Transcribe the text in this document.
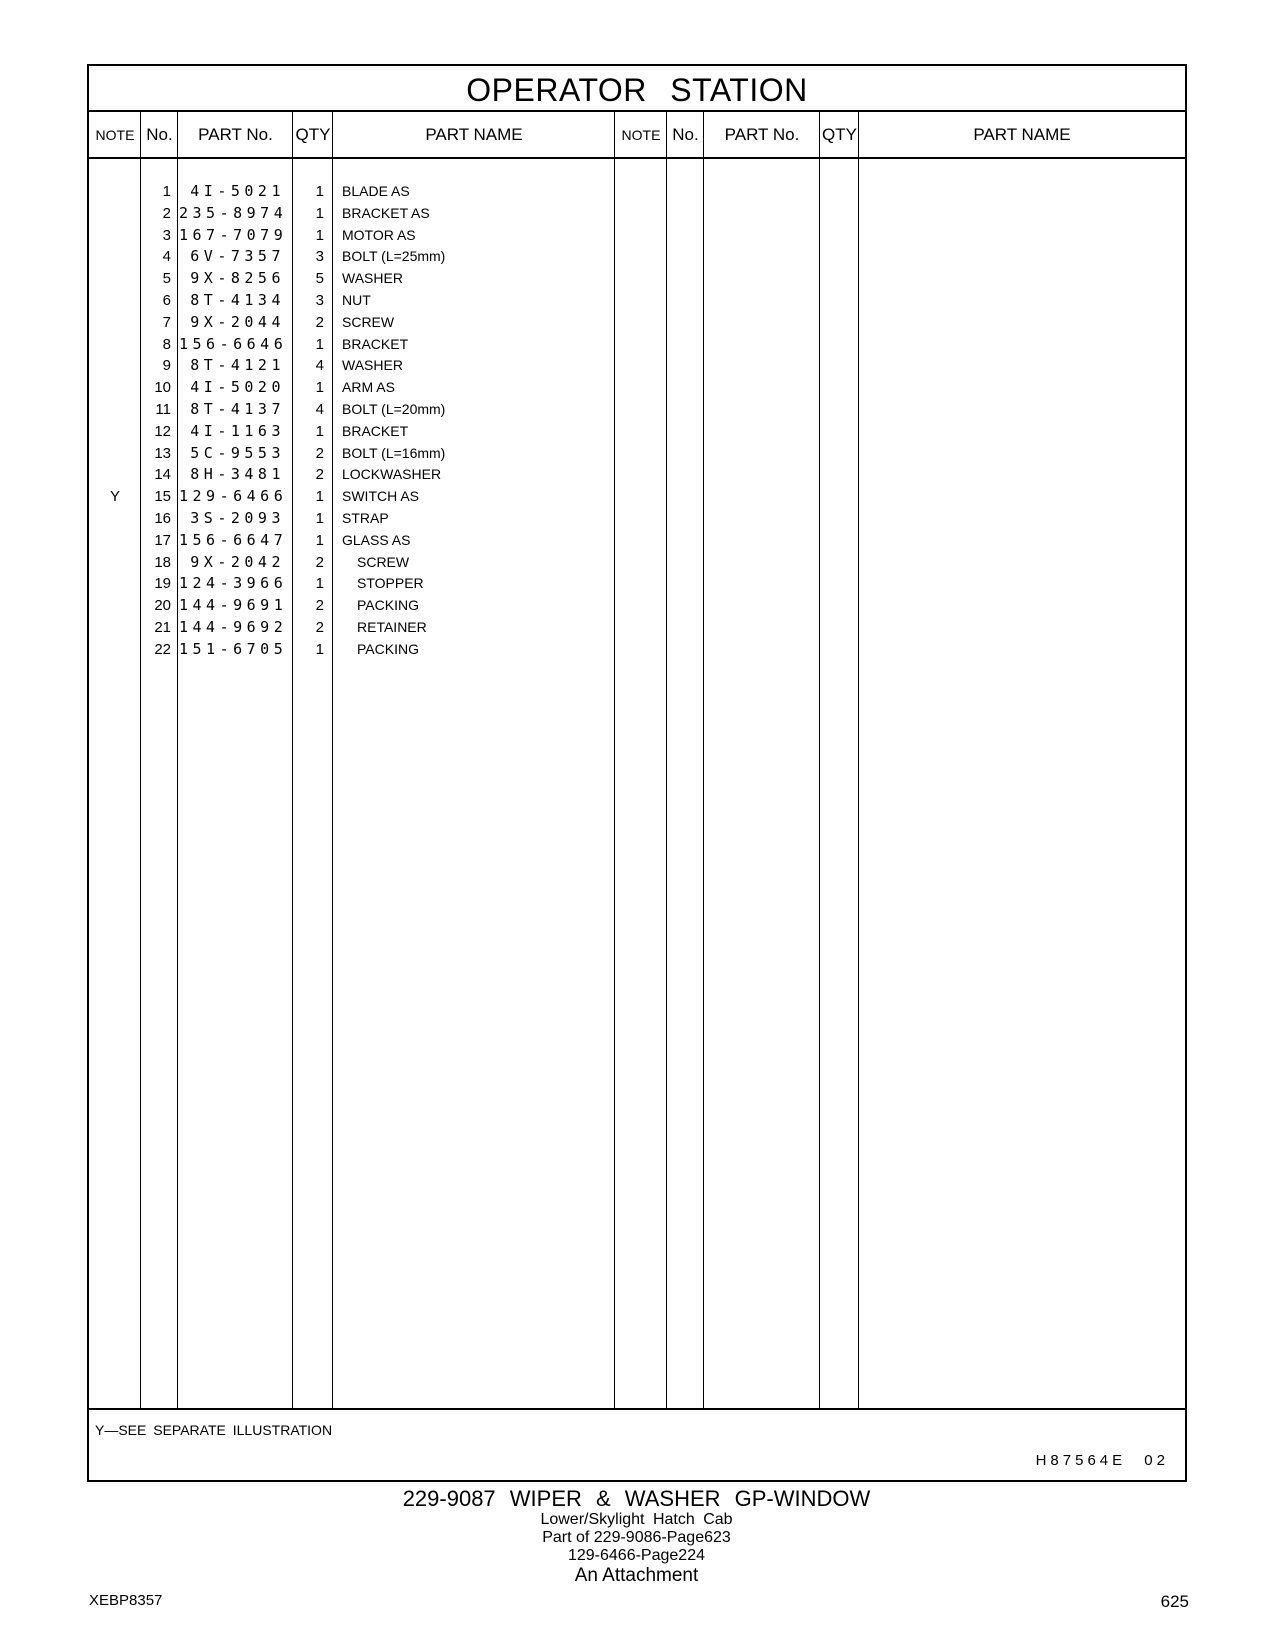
OPERATOR STATION
NOTE No.	PART No.	QTY	PART NAME	NOTE No.	PART No.	QTY	PART NAME
1	4I-5021	1 BLADE AS
2 235-8974	1 BRACKET AS
3 167-7079	1 MOTOR AS
4	6V-7357	3 BOLT (L=25mm)
5	9X-8256	5 WASHER
6	8T-4134	3 NUT
7	9X-2044	2 SCREW
8 156-6646	1 BRACKET
9	8T-4121	4 WASHER
10	4I-5020	1 ARM AS
11	8T-4137	4 BOLT (L=20mm)
12	4I-1163	1 BRACKET
13	5C-9553	2 BOLT (L=16mm)
14	8H-3481	2 LOCKWASHER
Y	15 129-6466	1 SWITCH AS
16	3S-2093	1 STRAP
17 156-6647	1 GLASS AS
18	9X-2042	2 SCREW
19 124-3966	1 STOPPER
20 144-9691	2 PACKING
21 144-9692	2 RETAINER
22 151-6705	1 PACKING
Y—SEE SEPARATE ILLUSTRATION
H87564E 02
229-9087 WIPER & WASHER GP-WINDOW
Lower/Skylight Hatch Cab
Part of 229-9086-Page623
129-6466-Page224
An Attachment
XEBP8357	625
